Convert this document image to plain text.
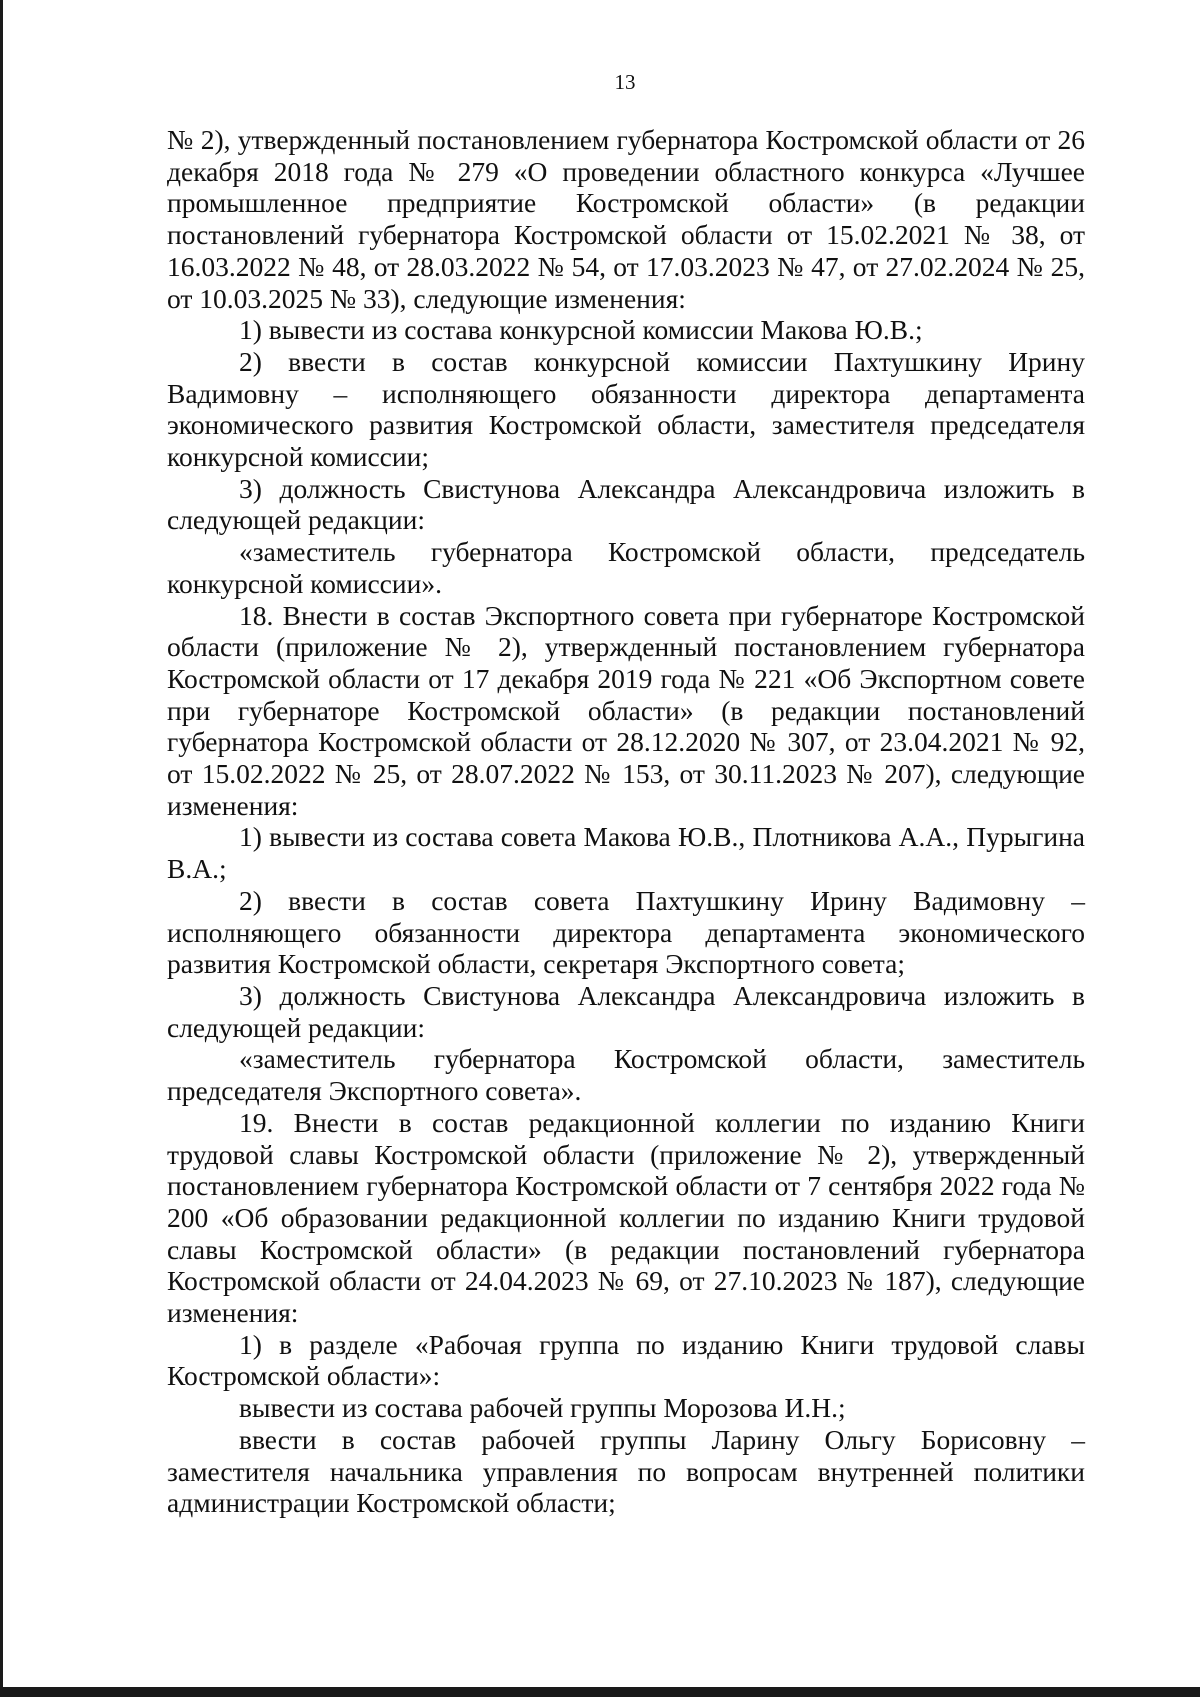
13

№ 2), утвержденный постановлением губернатора Костромской области от 26 декабря 2018 года № 279 «О проведении областного конкурса «Лучшее промышленное предприятие Костромской области» (в редакции постановлений губернатора Костромской области от 15.02.2021 № 38, от 16.03.2022 № 48, от 28.03.2022 № 54, от 17.03.2023 № 47, от 27.02.2024 № 25, от 10.03.2025 № 33), следующие изменения:

1) вывести из состава конкурсной комиссии Макова Ю.В.;

2) ввести в состав конкурсной комиссии Пахтушкину Ирину Вадимовну – исполняющего обязанности директора департамента экономического развития Костромской области, заместителя председателя конкурсной комиссии;

3) должность Свистунова Александра Александровича изложить в следующей редакции:

«заместитель губернатора Костромской области, председатель конкурсной комиссии».

18. Внести в состав Экспортного совета при губернаторе Костромской области (приложение № 2), утвержденный постановлением губернатора Костромской области от 17 декабря 2019 года № 221 «Об Экспортном совете при губернаторе Костромской области» (в редакции постановлений губернатора Костромской области от 28.12.2020 № 307, от 23.04.2021 № 92, от 15.02.2022 № 25, от 28.07.2022 № 153, от 30.11.2023 № 207), следующие изменения:

1) вывести из состава совета Макова Ю.В., Плотникова А.А., Пурыгина В.А.;

2) ввести в состав совета Пахтушкину Ирину Вадимовну – исполняющего обязанности директора департамента экономического развития Костромской области, секретаря Экспортного совета;

3) должность Свистунова Александра Александровича изложить в следующей редакции:

«заместитель губернатора Костромской области, заместитель председателя Экспортного совета».

19. Внести в состав редакционной коллегии по изданию Книги трудовой славы Костромской области (приложение № 2), утвержденный постановлением губернатора Костромской области от 7 сентября 2022 года № 200 «Об образовании редакционной коллегии по изданию Книги трудовой славы Костромской области» (в редакции постановлений губернатора Костромской области от 24.04.2023 № 69, от 27.10.2023 № 187), следующие изменения:

1) в разделе «Рабочая группа по изданию Книги трудовой славы Костромской области»:

вывести из состава рабочей группы Морозова И.Н.;

ввести в состав рабочей группы Ларину Ольгу Борисовну – заместителя начальника управления по вопросам внутренней политики администрации Костромской области;
